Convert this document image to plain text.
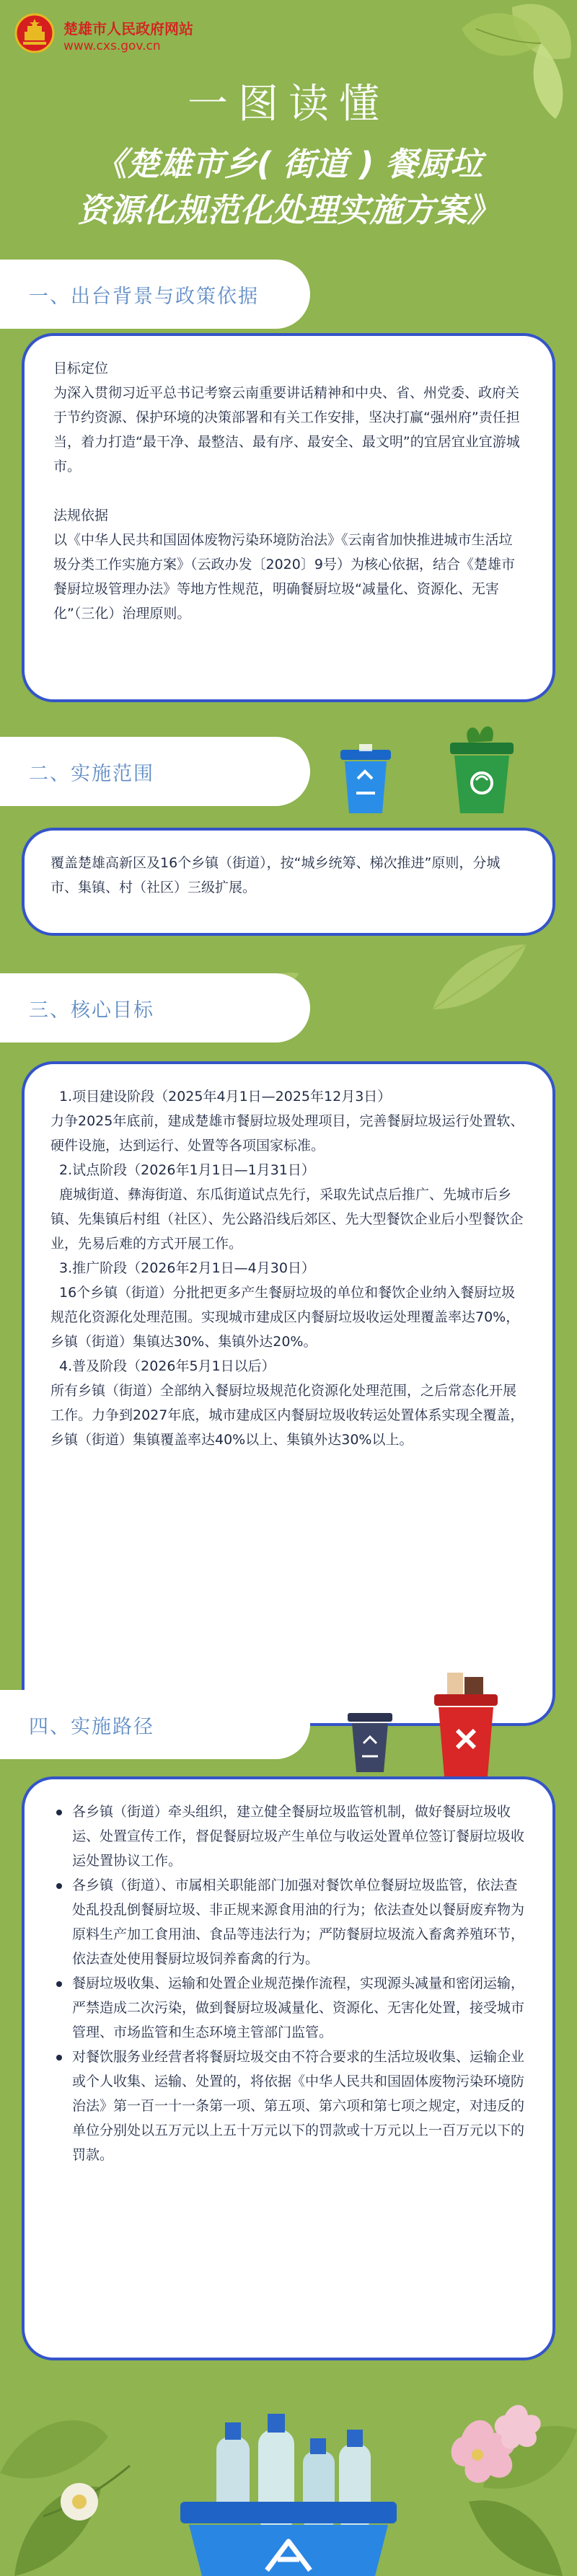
楚雄市人民政府网站
www.cxs.gov.cn
一图读懂
《楚雄市乡( 街道 ) 餐厨垃
资源化规范化处理实施方案》
一、出台背景与政策依据

目标定位

为深入贯彻习近平总书记考察云南重要讲话精神和中央、省、州党委、政府关于节约资源、保护环境的决策部署和有关工作安排，坚决打赢“强州府”责任担当，着力打造“最干净、最整洁、最有序、最安全、最文明”的宜居宜业宜游城市。

法规依据

以《中华人民共和国固体废物污染环境防治法》《云南省加快推进城市生活垃圾分类工作实施方案》（云政办发〔2020〕9号）为核心依据，结合《楚雄市餐厨垃圾管理办法》等地方性规范，明确餐厨垃圾“减量化、资源化、无害化”（三化）治理原则。

二、实施范围

覆盖楚雄高新区及16个乡镇（街道），按“城乡统筹、梯次推进”原则，分城市、集镇、村（社区）三级扩展。

三、核心目标

1.项目建设阶段（2025年4月1日—2025年12月3日）

力争2025年底前，建成楚雄市餐厨垃圾处理项目，完善餐厨垃圾运行处置软、硬件设施，达到运行、处置等各项国家标准。

2.试点阶段（2026年1月1日—1月31日）

鹿城街道、彝海街道、东瓜街道试点先行，采取先试点后推广、先城市后乡镇、先集镇后村组（社区）、先公路沿线后郊区、先大型餐饮企业后小型餐饮企业，先易后难的方式开展工作。

3.推广阶段（2026年2月1日—4月30日）

16个乡镇（街道）分批把更多产生餐厨垃圾的单位和餐饮企业纳入餐厨垃圾规范化资源化处理范围。实现城市建成区内餐厨垃圾收运处理覆盖率达70%，乡镇（街道）集镇达30%、集镇外达20%。

4.普及阶段（2026年5月1日以后）

所有乡镇（街道）全部纳入餐厨垃圾规范化资源化处理范围，之后常态化开展工作。力争到2027年底，城市建成区内餐厨垃圾收转运处置体系实现全覆盖，乡镇（街道）集镇覆盖率达40%以上、集镇外达30%以上。

四、实施路径
各乡镇（街道）牵头组织，建立健全餐厨垃圾监管机制，做好餐厨垃圾收运、处置宣传工作，督促餐厨垃圾产生单位与收运处置单位签订餐厨垃圾收运处置协议工作。
各乡镇（街道）、市属相关职能部门加强对餐饮单位餐厨垃圾监管，依法查处乱投乱倒餐厨垃圾、非正规来源食用油的行为；依法查处以餐厨废弃物为原料生产加工食用油、食品等违法行为；严防餐厨垃圾流入畜禽养殖环节，依法查处使用餐厨垃圾饲养畜禽的行为。
餐厨垃圾收集、运输和处置企业规范操作流程，实现源头减量和密闭运输，严禁造成二次污染，做到餐厨垃圾减量化、资源化、无害化处置，接受城市管理、市场监管和生态环境主管部门监管。
对餐饮服务业经营者将餐厨垃圾交由不符合要求的生活垃圾收集、运输企业或个人收集、运输、处置的，将依据《中华人民共和国固体废物污染环境防治法》第一百一十一条第一项、第五项、第六项和第七项之规定，对违反的单位分别处以五万元以上五十万元以下的罚款或十万元以上一百万元以下的罚款。
